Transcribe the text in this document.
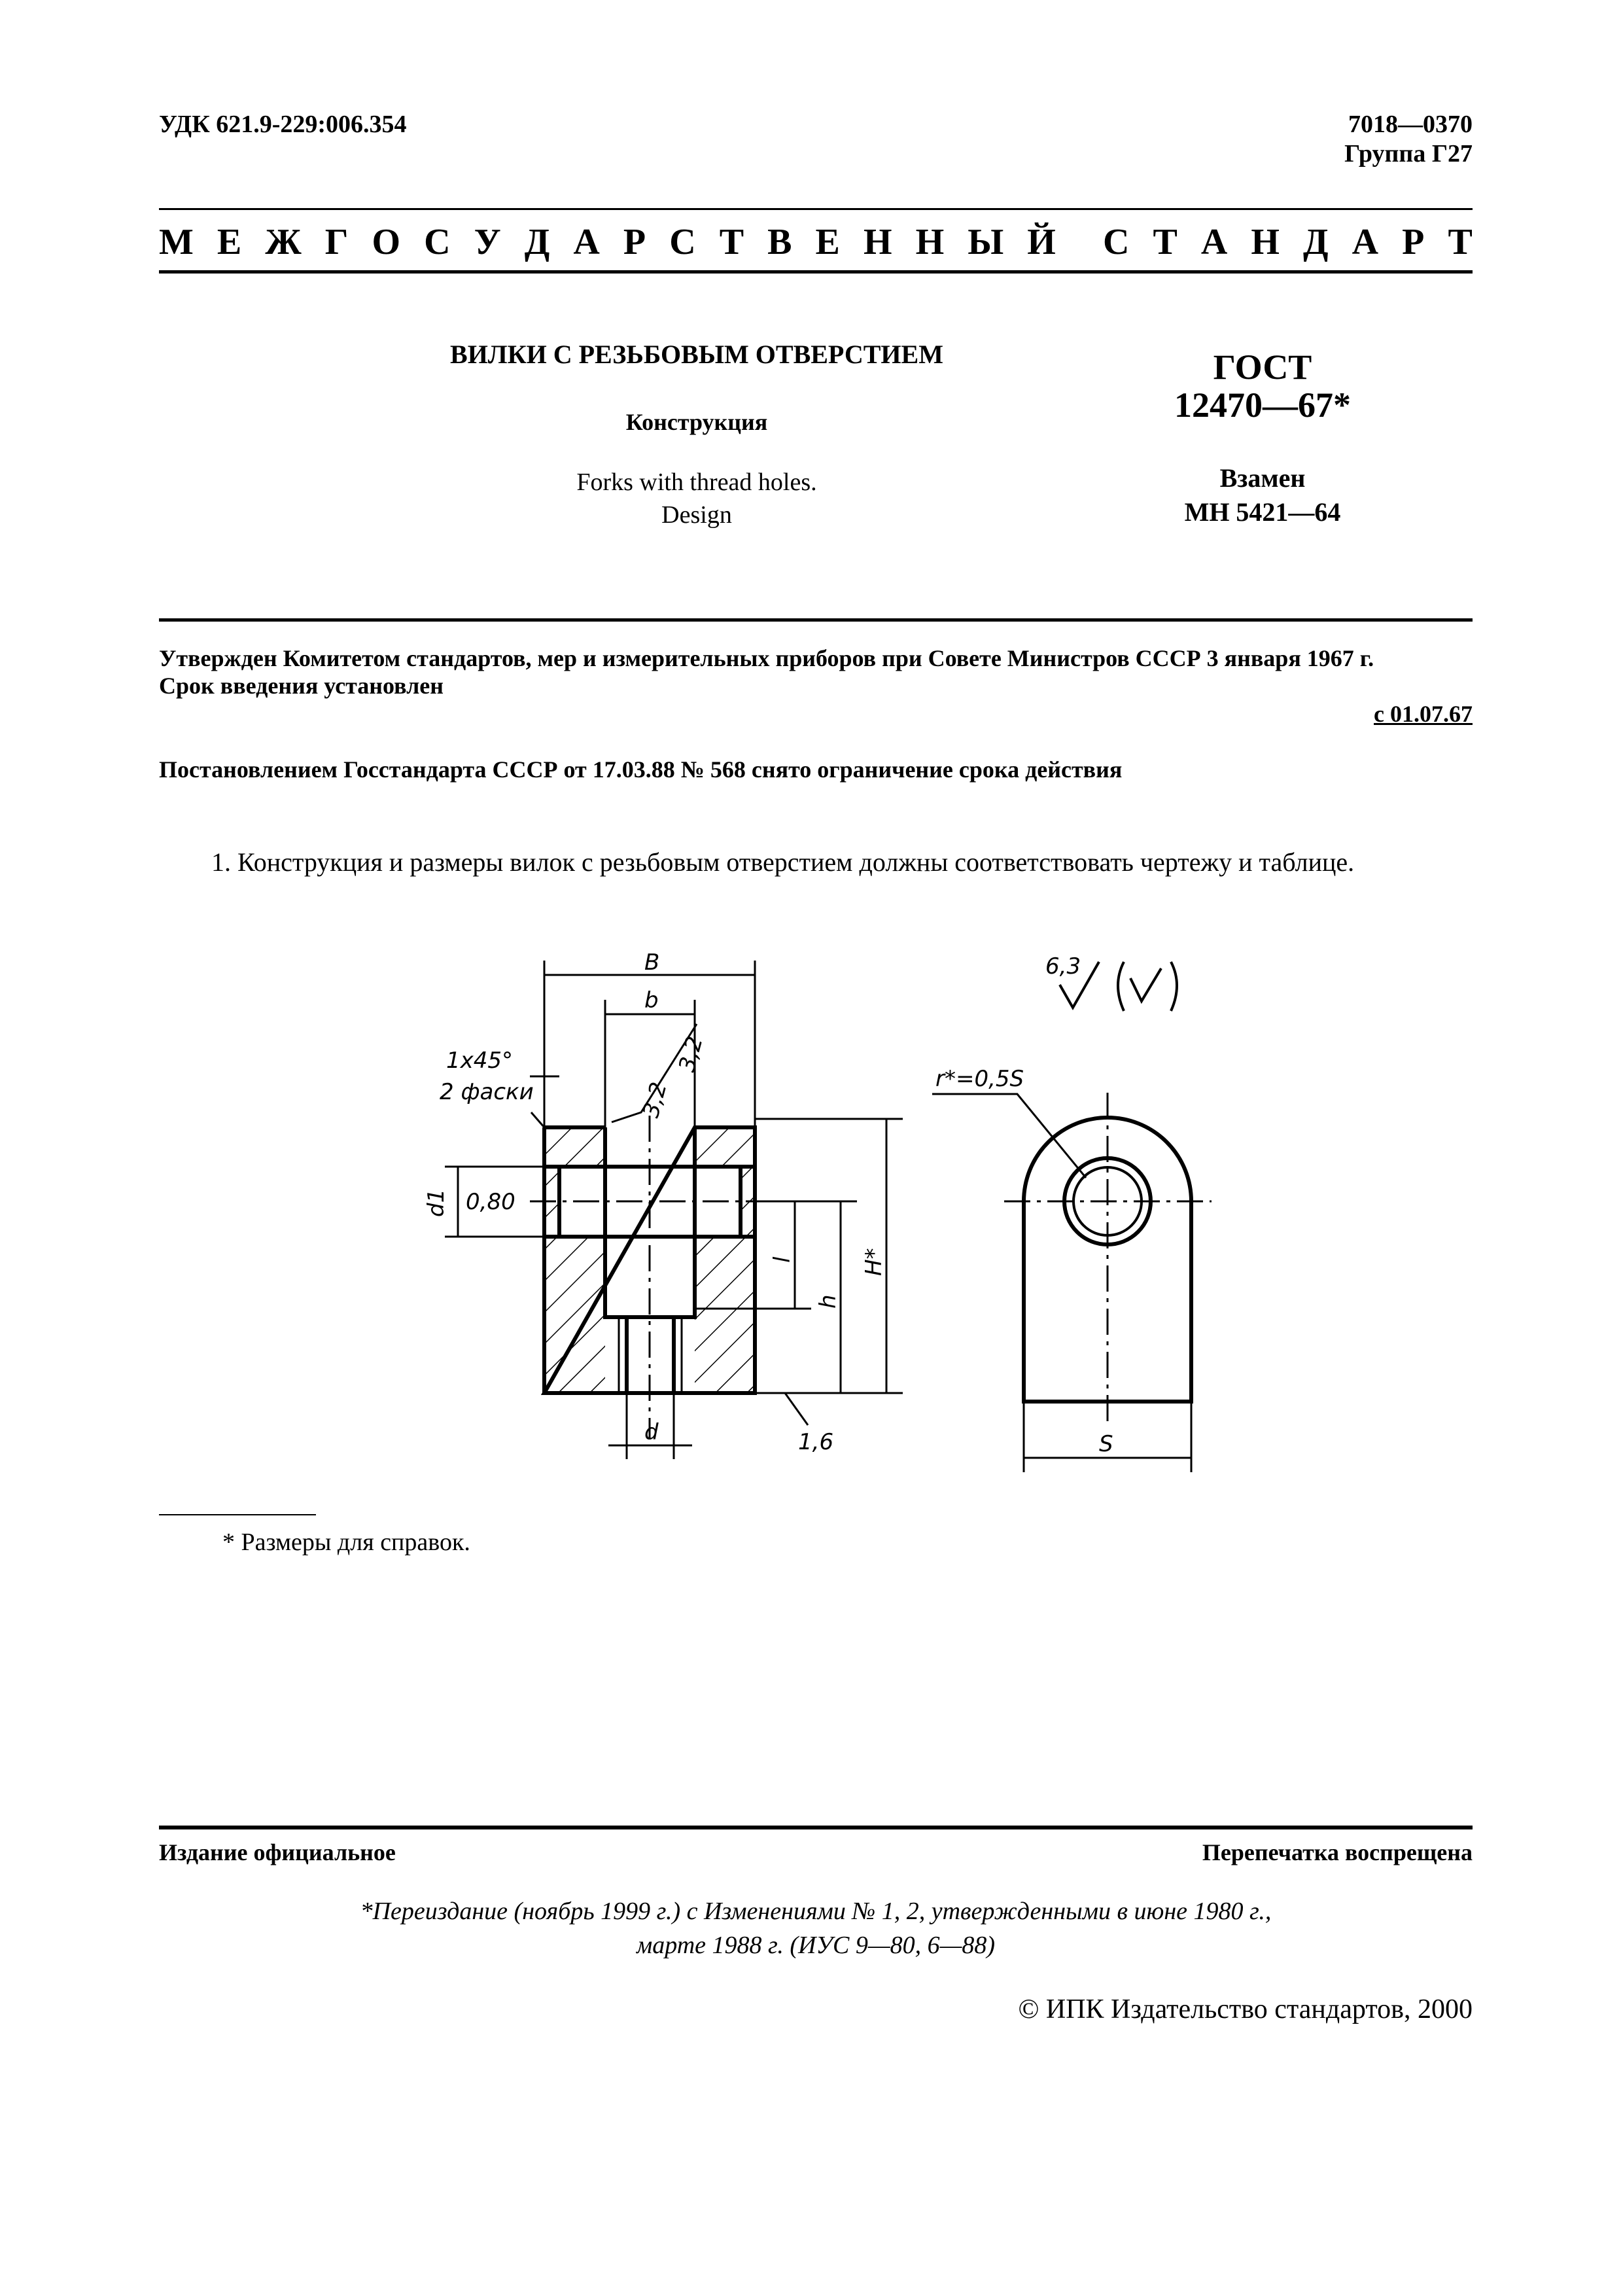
УДК 621.9-229:006.354	7018—0370
Группа Г27
М Е Ж Г О С У Д А Р С Т В Е Н Н Ы Й С Т А Н Д А Р Т
ВИЛКИ С РЕЗЬБОВЫМ ОТВЕРСТИЕМ
Конструкция
Forks with thread holes.
Design
ГОСТ
12470—67*
Взамен
МН 5421—64
Утвержден Комитетом стандартов, мер и измерительных приборов при Совете Министров СССР 3 января 1967 г.
Срок введения установлен
с 01.07.67
Постановлением Госстандарта СССР от 17.03.88 № 568 снято ограничение срока действия
1. Конструкция и размеры вилок с резьбовым отверстием должны соответствовать чертежу и таблице.
B
b
1x45°
2 фаски	3,2
3,2
d1 0,80
l
h
H*
d	1,6
6,3
r*=0,5S
S
* Размеры для справок.
Издание официальное	Перепечатка воспрещена
*Переиздание (ноябрь 1999 г.) с Изменениями № 1, 2, утвержденными в июне 1980 г.,
марте 1988 г. (ИУС 9—80, 6—88)
© ИПК Издательство стандартов, 2000
